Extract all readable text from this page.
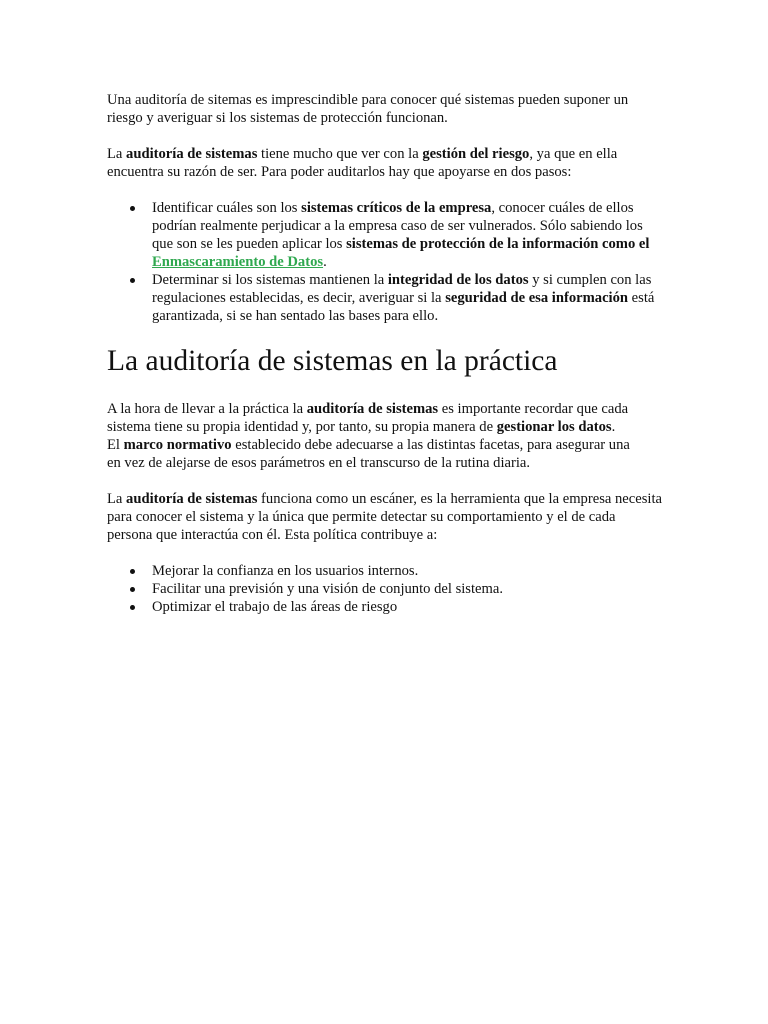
Una auditoría de sitemas es imprescindible para conocer qué sistemas pueden suponer un riesgo y averiguar si los sistemas de protección funcionan.

La auditoría de sistemas tiene mucho que ver con la gestión del riesgo, ya que en ella encuentra su razón de ser. Para poder auditarlos hay que apoyarse en dos pasos:

Identificar cuáles son los sistemas críticos de la empresa, conocer cuáles de ellos podrían realmente perjudicar a la empresa caso de ser vulnerados. Sólo sabiendo los que son se les pueden aplicar los sistemas de protección de la información como el Enmascaramiento de Datos.
Determinar si los sistemas mantienen la integridad de los datos y si cumplen con las regulaciones establecidas, es decir, averiguar si la seguridad de esa información está garantizada, si se han sentado las bases para ello.
La auditoría de sistemas en la práctica

A la hora de llevar a la práctica la auditoría de sistemas es importante recordar que cada sistema tiene su propia identidad y, por tanto, su propia manera de gestionar los datos.
El marco normativo establecido debe adecuarse a las distintas facetas, para asegurar una
en vez de alejarse de esos parámetros en el transcurso de la rutina diaria.

La auditoría de sistemas funciona como un escáner, es la herramienta que la empresa necesita para conocer el sistema y la única que permite detectar su comportamiento y el de cada persona que interactúa con él. Esta política contribuye a:

Mejorar la confianza en los usuarios internos.
Facilitar una previsión y una visión de conjunto del sistema.
Optimizar el trabajo de las áreas de riesgo
